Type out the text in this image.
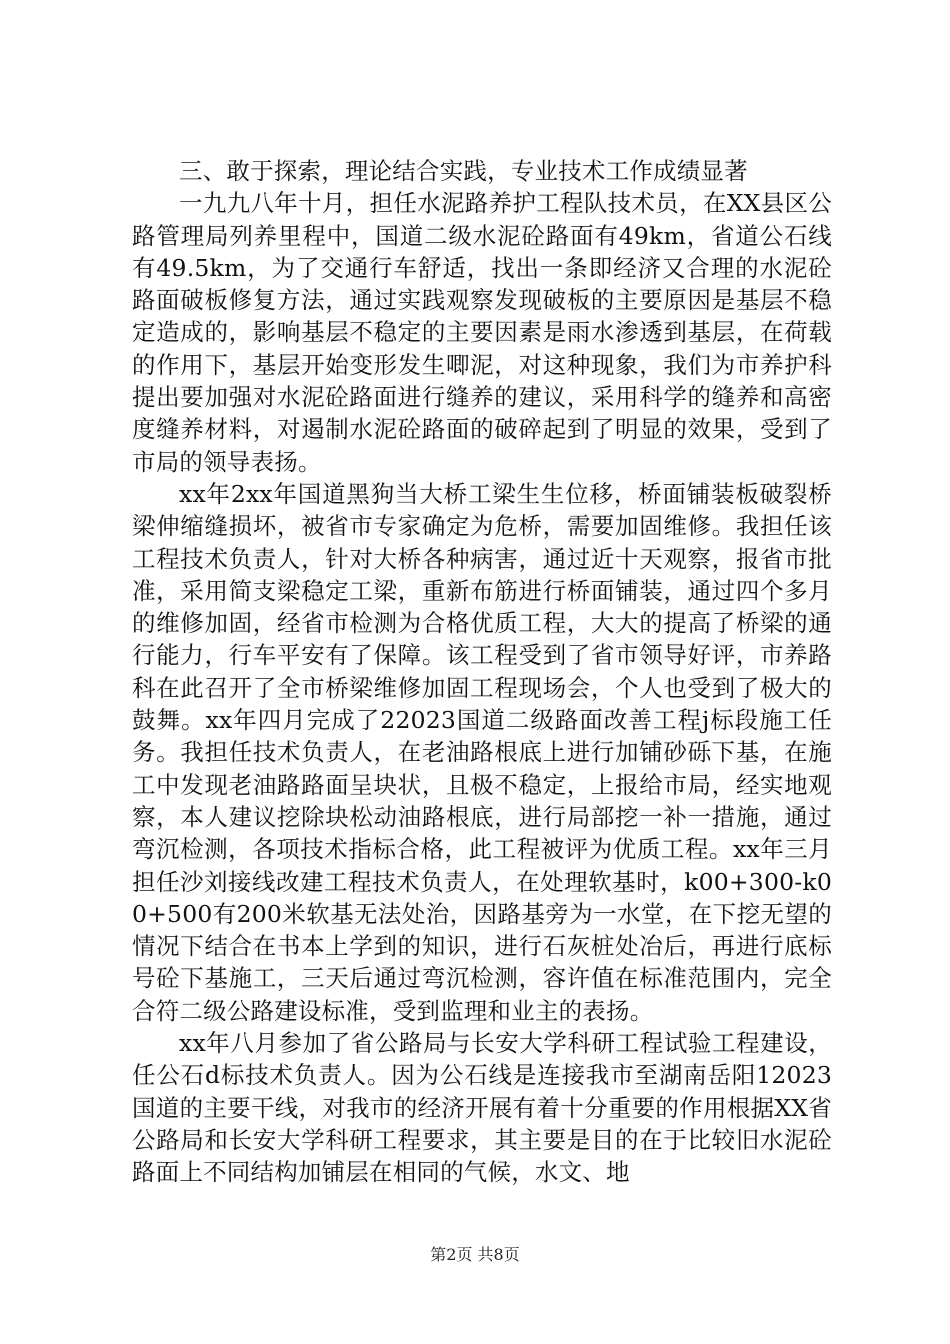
三、敢于探索，理论结合实践，专业技术工作成绩显著

一九九八年十月，担任水泥路养护工程队技术员，在XX县区公路管理局列养里程中，国道二级水泥砼路面有49km，省道公石线有49.5km，为了交通行车舒适，找出一条即经济又合理的水泥砼路面破板修复方法，通过实践观察发现破板的主要原因是基层不稳定造成的，影响基层不稳定的主要因素是雨水渗透到基层，在荷载的作用下，基层开始变形发生唧泥，对这种现象，我们为市养护科提出要加强对水泥砼路面进行缝养的建议，采用科学的缝养和高密度缝养材料，对遏制水泥砼路面的破碎起到了明显的效果，受到了市局的领导表扬。

xx年2xx年国道黑狗当大桥工梁生生位移，桥面铺装板破裂桥梁伸缩缝损坏，被省市专家确定为危桥，需要加固维修。我担任该工程技术负责人，针对大桥各种病害，通过近十天观察，报省市批准，采用简支梁稳定工梁，重新布筋进行桥面铺装，通过四个多月的维修加固，经省市检测为合格优质工程，大大的提高了桥梁的通行能力，行车平安有了保障。该工程受到了省市领导好评，市养路科在此召开了全市桥梁维修加固工程现场会，个人也受到了极大的鼓舞。xx年四月完成了22023国道二级路面改善工程j标段施工任务。我担任技术负责人，在老油路根底上进行加铺砂砾下基，在施工中发现老油路路面呈块状，且极不稳定，上报给市局，经实地观察，本人建议挖除块松动油路根底，进行局部挖一补一措施，通过弯沉检测，各项技术指标合格，此工程被评为优质工程。xx年三月担任沙刘接线改建工程技术负责人，在处理软基时，k00+300-k00+500有200米软基无法处治，因路基旁为一水堂，在下挖无望的情况下结合在书本上学到的知识，进行石灰桩处冶后，再进行底标号砼下基施工，三天后通过弯沉检测，容许值在标准范围内，完全合符二级公路建设标准，受到监理和业主的表扬。

xx年八月参加了省公路局与长安大学科研工程试验工程建设，任公石d标技术负责人。因为公石线是连接我市至湖南岳阳12023国道的主要干线，对我市的经济开展有着十分重要的作用根据XX省公路局和长安大学科研工程要求，其主要是目的在于比较旧水泥砼路面上不同结构加铺层在相同的气候，水文、地

第2页 共8页
